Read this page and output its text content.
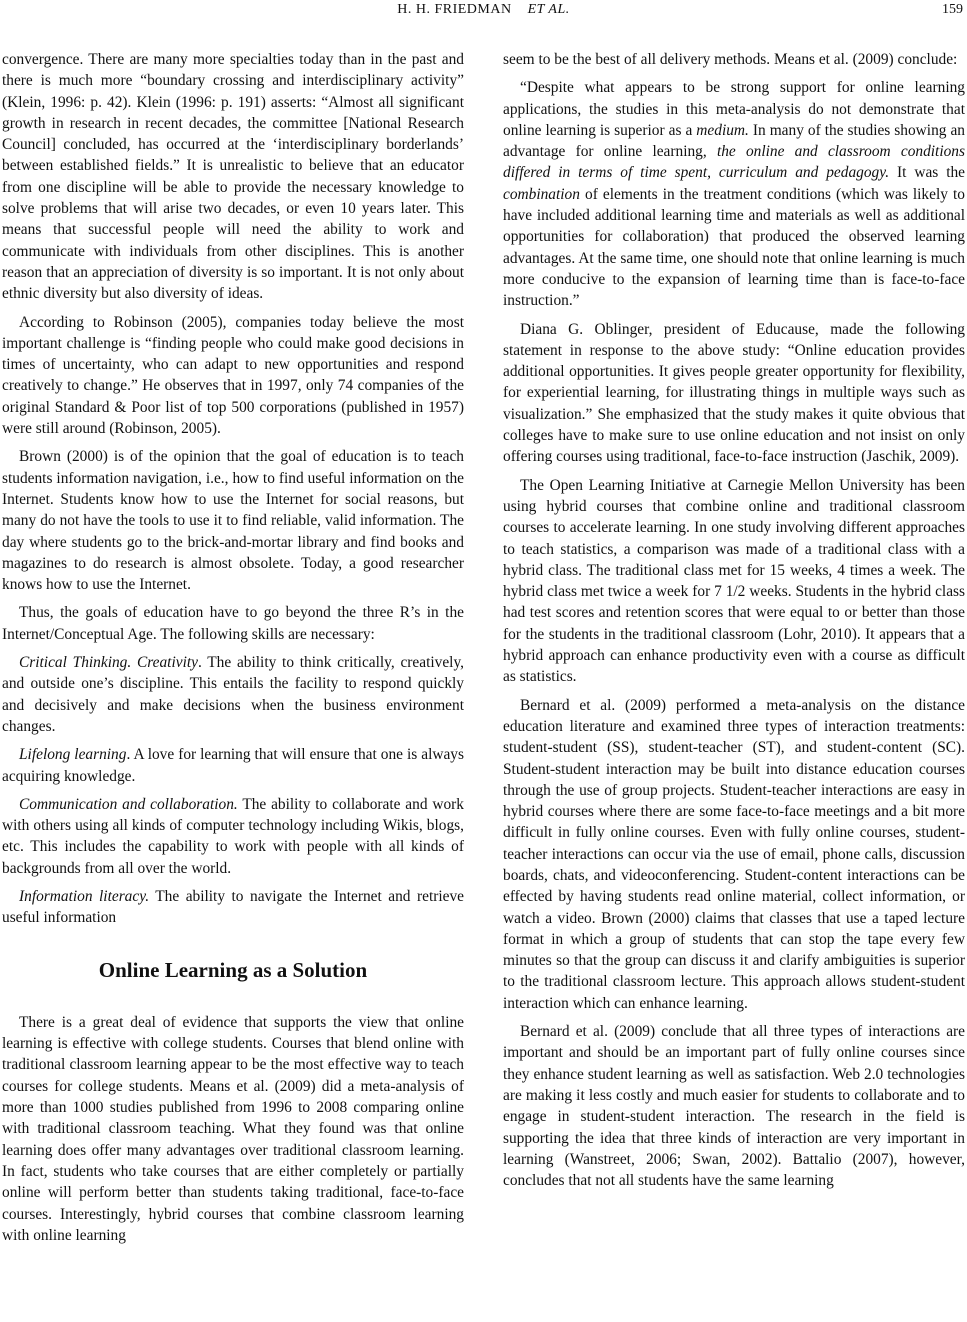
H. H. FRIEDMAN ET AL.	159

convergence. There are many more specialties today than in the past and there is much more “boundary crossing and interdisciplinary activity” (Klein, 1996: p. 42). Klein (1996: p. 191) asserts: “Almost all significant growth in research in recent decades, the committee [National Research Council] concluded, has occurred at the ‘interdisciplinary borderlands’ between established fields.” It is unrealistic to believe that an educator from one discipline will be able to provide the necessary knowledge to solve problems that will arise two decades, or even 10 years later. This means that successful people will need the ability to work and communicate with individuals from other disciplines. This is another reason that an appreciation of diversity is so important. It is not only about ethnic diversity but also diversity of ideas.

According to Robinson (2005), companies today believe the most important challenge is “finding people who could make good decisions in times of uncertainty, who can adapt to new opportunities and respond creatively to change.” He observes that in 1997, only 74 companies of the original Standard & Poor list of top 500 corporations (published in 1957) were still around (Robinson, 2005).

Brown (2000) is of the opinion that the goal of education is to teach students information navigation, i.e., how to find useful information on the Internet. Students know how to use the Internet for social reasons, but many do not have the tools to use it to find reliable, valid information. The day where students go to the brick-and-mortar library and find books and magazines to do research is almost obsolete. Today, a good researcher knows how to use the Internet.

Thus, the goals of education have to go beyond the three R’s in the Internet/Conceptual Age. The following skills are necessary:

Critical Thinking. Creativity. The ability to think critically, creatively, and outside one’s discipline. This entails the facility to respond quickly and decisively and make decisions when the business environment changes.

Lifelong learning. A love for learning that will ensure that one is always acquiring knowledge.

Communication and collaboration. The ability to collaborate and work with others using all kinds of computer technology including Wikis, blogs, etc. This includes the capability to work with people with all kinds of backgrounds from all over the world.

Information literacy. The ability to navigate the Internet and retrieve useful information

Online Learning as a Solution

There is a great deal of evidence that supports the view that online learning is effective with college students. Courses that blend online with traditional classroom learning appear to be the most effective way to teach courses for college students. Means et al. (2009) did a meta-analysis of more than 1000 studies published from 1996 to 2008 comparing online with traditional classroom teaching. What they found was that online learning does offer many advantages over traditional classroom learning. In fact, students who take courses that are either completely or partially online will perform better than students taking traditional, face-to-face courses. Interestingly, hybrid courses that combine classroom learning with online learning

seem to be the best of all delivery methods. Means et al. (2009) conclude:

“Despite what appears to be strong support for online learning applications, the studies in this meta-analysis do not demonstrate that online learning is superior as a medium. In many of the studies showing an advantage for online learning, the online and classroom conditions differed in terms of time spent, curriculum and pedagogy. It was the combination of elements in the treatment conditions (which was likely to have included additional learning time and materials as well as additional opportunities for collaboration) that produced the observed learning advantages. At the same time, one should note that online learning is much more conducive to the expansion of learning time than is face-to-face instruction.”

Diana G. Oblinger, president of Educause, made the following statement in response to the above study: “Online education provides additional opportunities. It gives people greater opportunity for flexibility, for experiential learning, for illustrating things in multiple ways such as visualization.” She emphasized that the study makes it quite obvious that colleges have to make sure to use online education and not insist on only offering courses using traditional, face-to-face instruction (Jaschik, 2009).

The Open Learning Initiative at Carnegie Mellon University has been using hybrid courses that combine online and traditional classroom courses to accelerate learning. In one study involving different approaches to teach statistics, a comparison was made of a traditional class with a hybrid class. The traditional class met for 15 weeks, 4 times a week. The hybrid class met twice a week for 7 1/2 weeks. Students in the hybrid class had test scores and retention scores that were equal to or better than those for the students in the traditional classroom (Lohr, 2010). It appears that a hybrid approach can enhance productivity even with a course as difficult as statistics.

Bernard et al. (2009) performed a meta-analysis on the distance education literature and examined three types of interaction treatments: student-student (SS), student-teacher (ST), and student-content (SC). Student-student interaction may be built into distance education courses through the use of group projects. Student-teacher interactions are easy in hybrid courses where there are some face-to-face meetings and a bit more difficult in fully online courses. Even with fully online courses, student-teacher interactions can occur via the use of email, phone calls, discussion boards, chats, and videoconferencing. Student-content interactions can be effected by having students read online material, collect information, or watch a video. Brown (2000) claims that classes that use a taped lecture format in which a group of students that can stop the tape every few minutes so that the group can discuss it and clarify ambiguities is superior to the traditional classroom lecture. This approach allows student-student interaction which can enhance learning.

Bernard et al. (2009) conclude that all three types of interactions are important and should be an important part of fully online courses since they enhance student learning as well as satisfaction. Web 2.0 technologies are making it less costly and much easier for students to collaborate and to engage in student-student interaction. The research in the field is supporting the idea that three kinds of interaction are very important in learning (Wanstreet, 2006; Swan, 2002). Battalio (2007), however, concludes that not all students have the same learning
